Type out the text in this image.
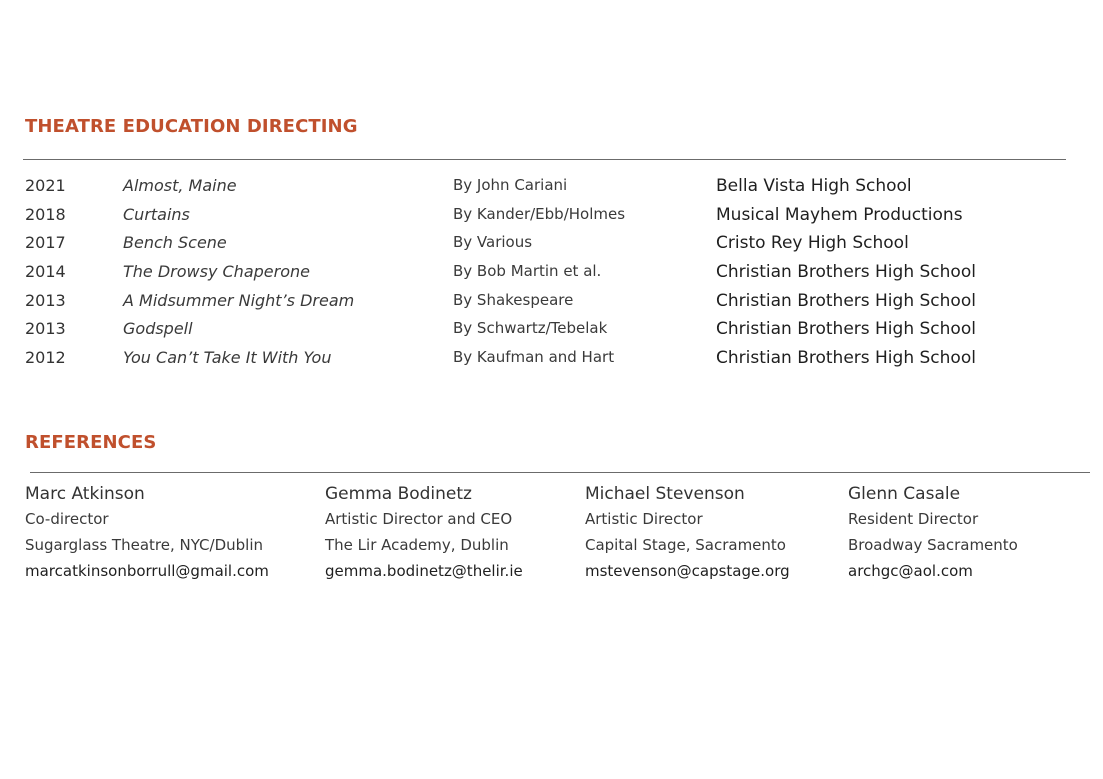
THEATRE EDUCATION DIRECTING
2021	Almost, Maine	By John Cariani	Bella Vista High School
2018	Curtains	By Kander/Ebb/Holmes	Musical Mayhem Productions
2017	Bench Scene	By Various	Cristo Rey High School
2014	The Drowsy Chaperone	By Bob Martin et al.	Christian Brothers High School
2013	A Midsummer Night’s Dream	By Shakespeare	Christian Brothers High School
2013	Godspell	By Schwartz/Tebelak	Christian Brothers High School
2012	You Can’t Take It With You	By Kaufman and Hart	Christian Brothers High School
REFERENCES
Marc Atkinson
Co-director
Sugarglass Theatre, NYC/Dublin
marcatkinsonborrull@gmail.com
Gemma Bodinetz
Artistic Director and CEO
The Lir Academy, Dublin
gemma.bodinetz@thelir.ie
Michael Stevenson
Artistic Director
Capital Stage, Sacramento
mstevenson@capstage.org
Glenn Casale
Resident Director
Broadway Sacramento
archgc@aol.com
